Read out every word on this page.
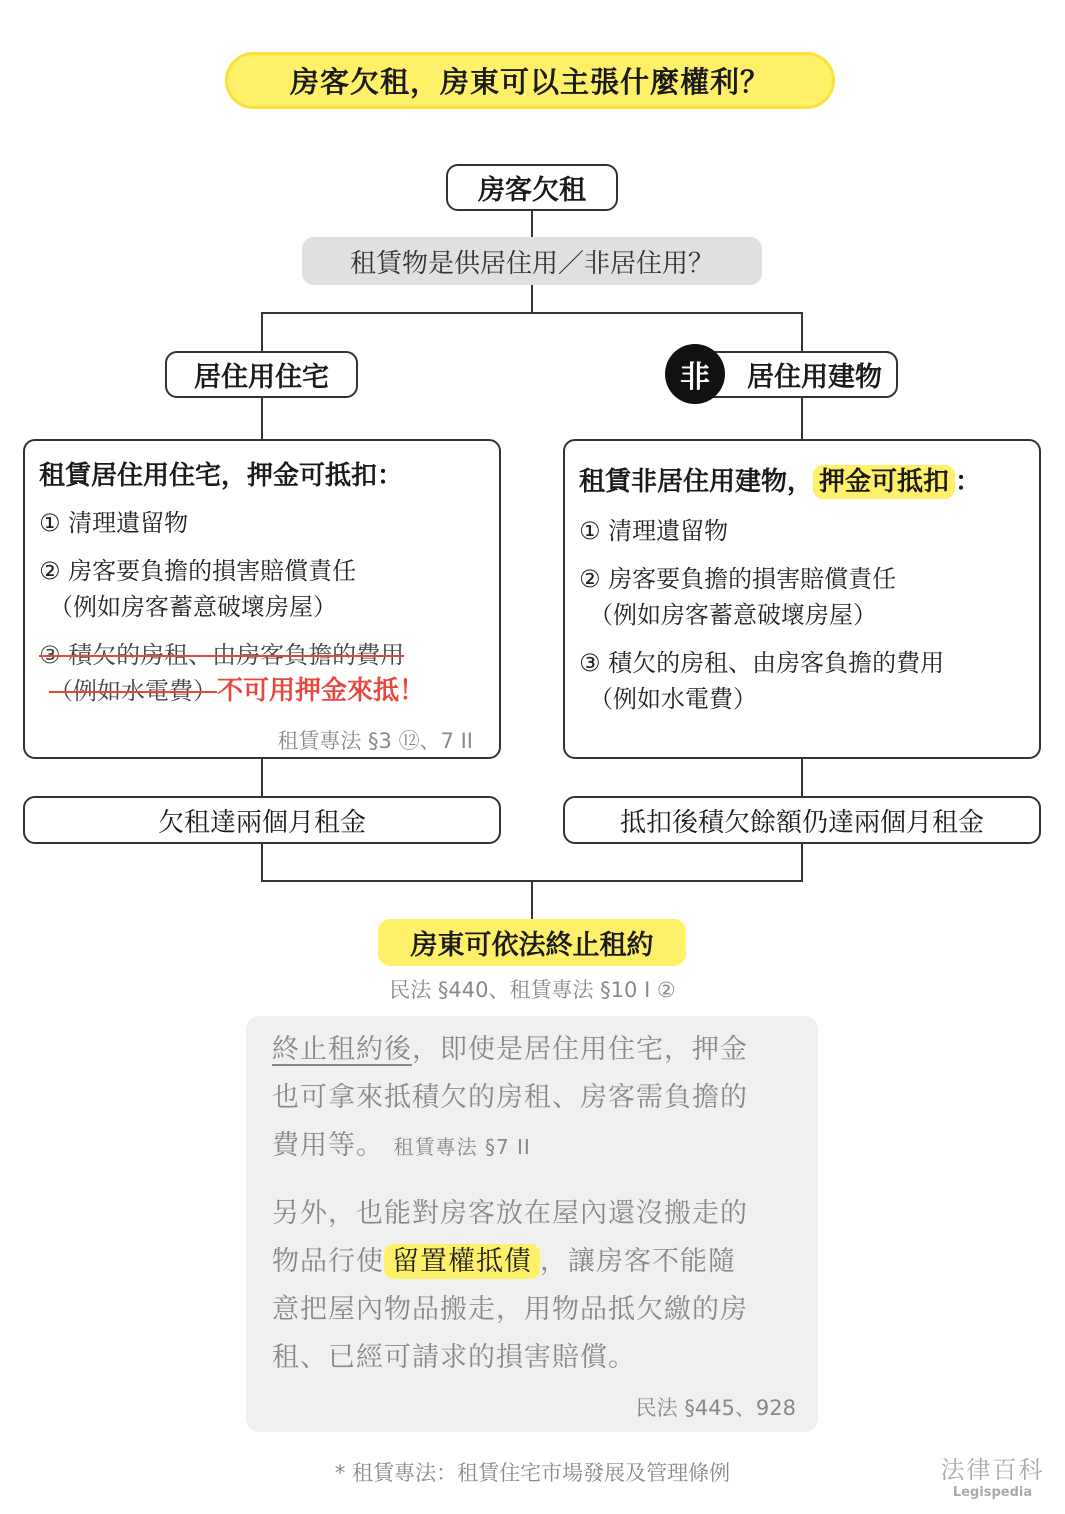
房客欠租，房東可以主張什麼權利？
房客欠租
租賃物是供居住用／非居住用？
居住用住宅	居住用建物
非
租賃居住用住宅，押金可抵扣：
① 清理遺留物
② 房客要負擔的損害賠償責任
（例如房客蓄意破壞房屋）
③ 積欠的房租、由房客負擔的費用
（例如水電費）不可用押金來抵！
租賃專法 §3 ⑫、7 II
租賃非居住用建物， 押金可抵扣 ：
① 清理遺留物
② 房客要負擔的損害賠償責任
（例如房客蓄意破壞房屋）
③ 積欠的房租、由房客負擔的費用
（例如水電費）
欠租達兩個月租金	抵扣後積欠餘額仍達兩個月租金
房東可依法終止租約
民法 §440、租賃專法 §10 I ②
終止租約後，即使是居住用住宅，押金
也可拿來抵積欠的房租、房客需負擔的
費用等。 租賃專法 §7 II
另外，也能對房客放在屋內還沒搬走的
物品行使 留置權抵債 ，讓房客不能隨
意把屋內物品搬走，用物品抵欠繳的房
租、已經可請求的損害賠償。
民法 §445、928
* 租賃專法：租賃住宅市場發展及管理條例	法律百科
Legispedia
